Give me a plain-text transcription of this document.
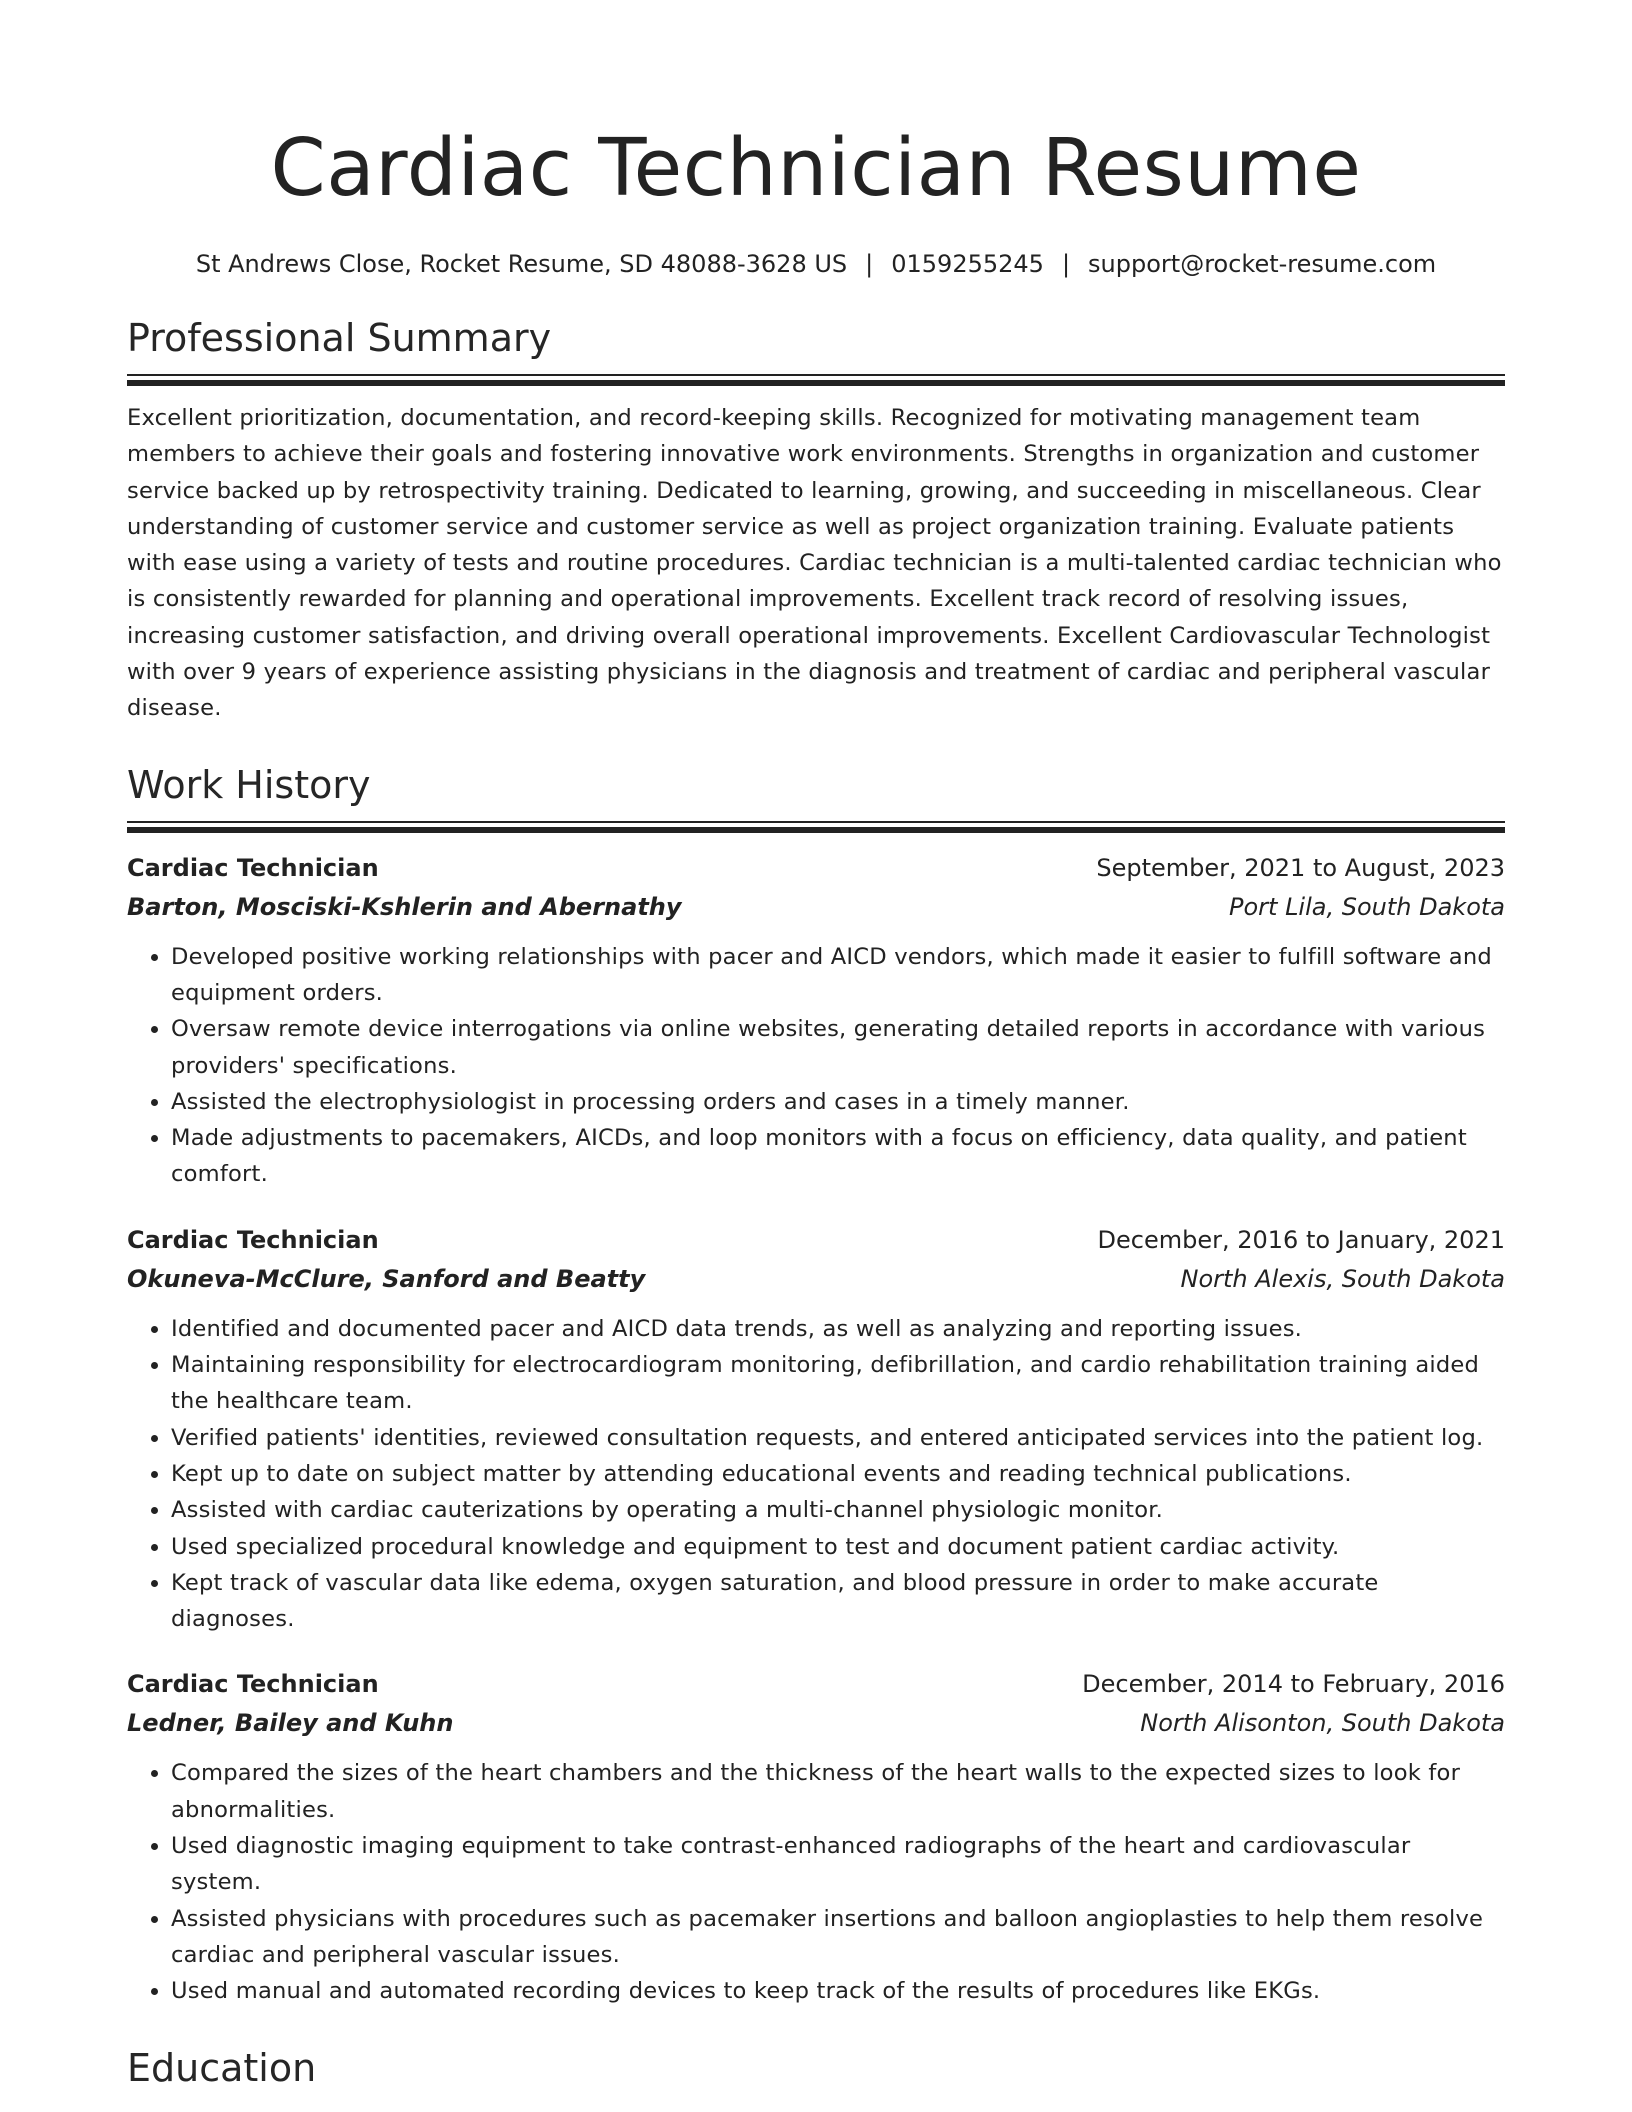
Cardiac Technician Resume
St Andrews Close, Rocket Resume, SD 48088-3628 US | 0159255245 | support@rocket-resume.com
Professional Summary

Excellent prioritization, documentation, and record-keeping skills. Recognized for motivating management team members to achieve their goals and fostering innovative work environments. Strengths in organization and customer service backed up by retrospectivity training. Dedicated to learning, growing, and succeeding in miscellaneous. Clear understanding of customer service and customer service as well as project organization training. Evaluate patients with ease using a variety of tests and routine procedures. Cardiac technician is a multi-talented cardiac technician who is consistently rewarded for planning and operational improvements. Excellent track record of resolving issues, increasing customer satisfaction, and driving overall operational improvements. Excellent Cardiovascular Technologist with over 9 years of experience assisting physicians in the diagnosis and treatment of cardiac and peripheral vascular disease.

Work History
Cardiac Technician	September, 2021 to August, 2023
Barton, Mosciski-Kshlerin and Abernathy	Port Lila, South Dakota
• Developed positive working relationships with pacer and AICD vendors, which made it easier to fulfill software and equipment orders.
• Oversaw remote device interrogations via online websites, generating detailed reports in accordance with various providers' specifications.
• Assisted the electrophysiologist in processing orders and cases in a timely manner.
• Made adjustments to pacemakers, AICDs, and loop monitors with a focus on efficiency, data quality, and patient comfort.
Cardiac Technician	December, 2016 to January, 2021
Okuneva-McClure, Sanford and Beatty	North Alexis, South Dakota
• Identified and documented pacer and AICD data trends, as well as analyzing and reporting issues.
• Maintaining responsibility for electrocardiogram monitoring, defibrillation, and cardio rehabilitation training aided the healthcare team.
• Verified patients' identities, reviewed consultation requests, and entered anticipated services into the patient log.
• Kept up to date on subject matter by attending educational events and reading technical publications.
• Assisted with cardiac cauterizations by operating a multi-channel physiologic monitor.
• Used specialized procedural knowledge and equipment to test and document patient cardiac activity.
• Kept track of vascular data like edema, oxygen saturation, and blood pressure in order to make accurate diagnoses.
Cardiac Technician	December, 2014 to February, 2016
Ledner, Bailey and Kuhn	North Alisonton, South Dakota
• Compared the sizes of the heart chambers and the thickness of the heart walls to the expected sizes to look for abnormalities.
• Used diagnostic imaging equipment to take contrast-enhanced radiographs of the heart and cardiovascular system.
• Assisted physicians with procedures such as pacemaker insertions and balloon angioplasties to help them resolve cardiac and peripheral vascular issues.
• Used manual and automated recording devices to keep track of the results of procedures like EKGs.
Education
